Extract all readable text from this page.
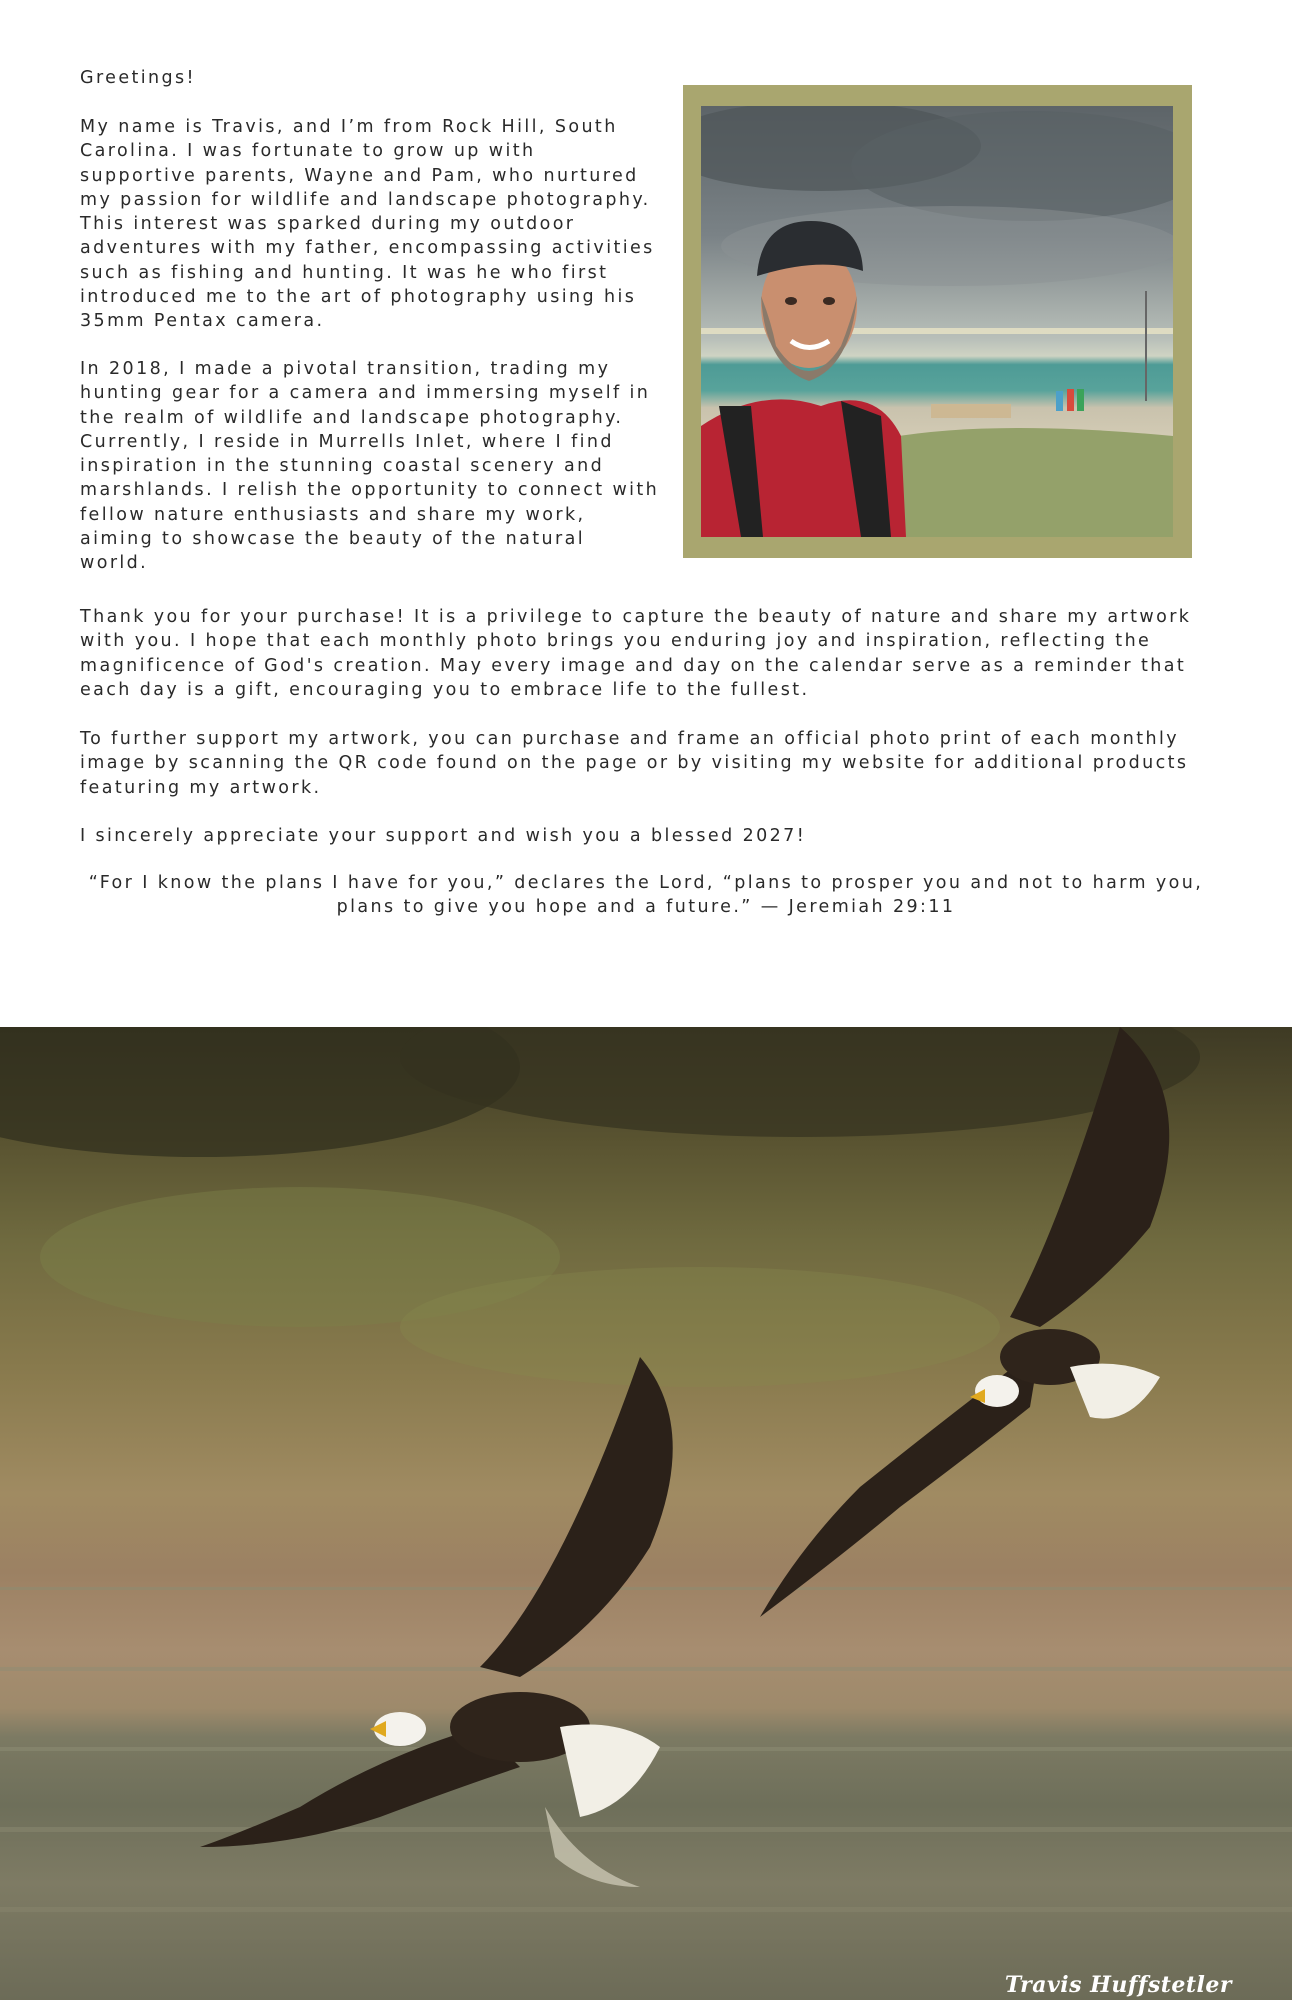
Greetings!

My name is Travis, and I’m from Rock Hill, South Carolina. I was fortunate to grow up with supportive parents, Wayne and Pam, who nurtured my passion for wildlife and landscape photography. This interest was sparked during my outdoor adventures with my father, encompassing activities such as fishing and hunting. It was he who first introduced me to the art of photography using his 35mm Pentax camera.

In 2018, I made a pivotal transition, trading my hunting gear for a camera and immersing myself in the realm of wildlife and landscape photography. Currently, I reside in Murrells Inlet, where I find inspiration in the stunning coastal scenery and marshlands. I relish the opportunity to connect with fellow nature enthusiasts and share my work, aiming to showcase the beauty of the natural world.

Thank you for your purchase! It is a privilege to capture the beauty of nature and share my artwork with you. I hope that each monthly photo brings you enduring joy and inspiration, reflecting the magnificence of God's creation. May every image and day on the calendar serve as a reminder that each day is a gift, encouraging you to embrace life to the fullest.

To further support my artwork, you can purchase and frame an official photo print of each monthly image by scanning the QR code found on the page or by visiting my website for additional products featuring my artwork.

I sincerely appreciate your support and wish you a blessed 2027!

“For I know the plans I have for you,” declares the Lord, “plans to prosper you and not to harm you, plans to give you hope and a future.” — Jeremiah 29:11

Travis Huffstetler
